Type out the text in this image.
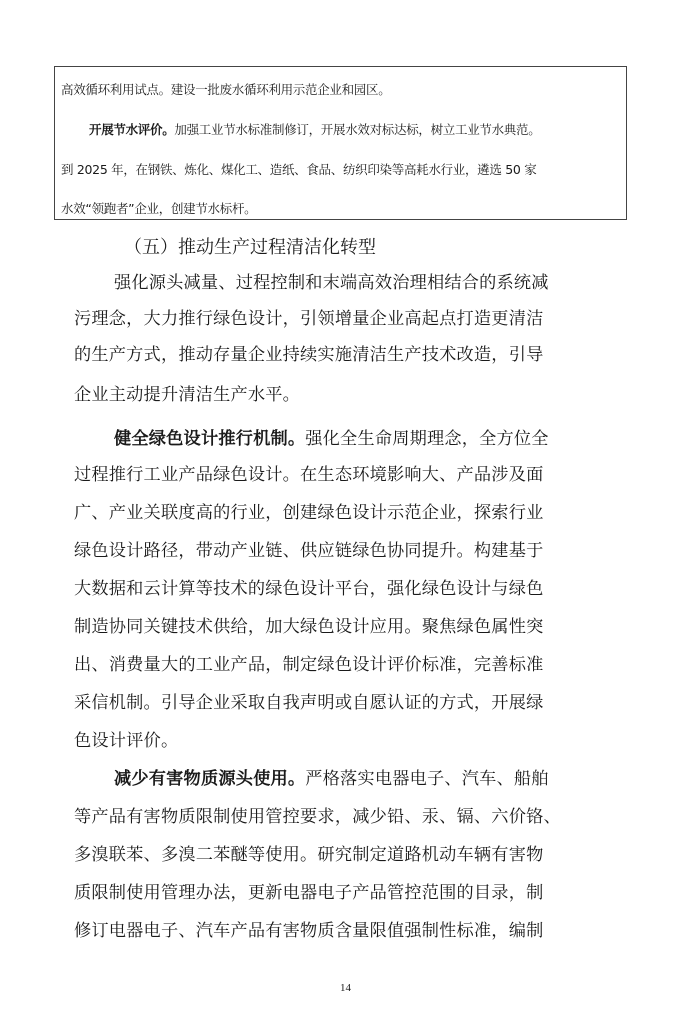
高效循环利用试点。建设一批废水循环利用示范企业和园区。
开展节水评价。加强工业节水标准制修订，开展水效对标达标，树立工业节水典范。
到 2025 年，在钢铁、炼化、煤化工、造纸、食品、纺织印染等高耗水行业，遴选 50 家
水效“领跑者”企业，创建节水标杆。
（五）推动生产过程清洁化转型
强化源头减量、过程控制和末端高效治理相结合的系统减
污理念，大力推行绿色设计，引领增量企业高起点打造更清洁
的生产方式，推动存量企业持续实施清洁生产技术改造，引导
企业主动提升清洁生产水平。
健全绿色设计推行机制。强化全生命周期理念，全方位全
过程推行工业产品绿色设计。在生态环境影响大、产品涉及面
广、产业关联度高的行业，创建绿色设计示范企业，探索行业
绿色设计路径，带动产业链、供应链绿色协同提升。构建基于
大数据和云计算等技术的绿色设计平台，强化绿色设计与绿色
制造协同关键技术供给，加大绿色设计应用。聚焦绿色属性突
出、消费量大的工业产品，制定绿色设计评价标准，完善标准
采信机制。引导企业采取自我声明或自愿认证的方式，开展绿
色设计评价。
减少有害物质源头使用。严格落实电器电子、汽车、船舶
等产品有害物质限制使用管控要求，减少铅、汞、镉、六价铬、
多溴联苯、多溴二苯醚等使用。研究制定道路机动车辆有害物
质限制使用管理办法，更新电器电子产品管控范围的目录，制
修订电器电子、汽车产品有害物质含量限值强制性标准，编制
14
